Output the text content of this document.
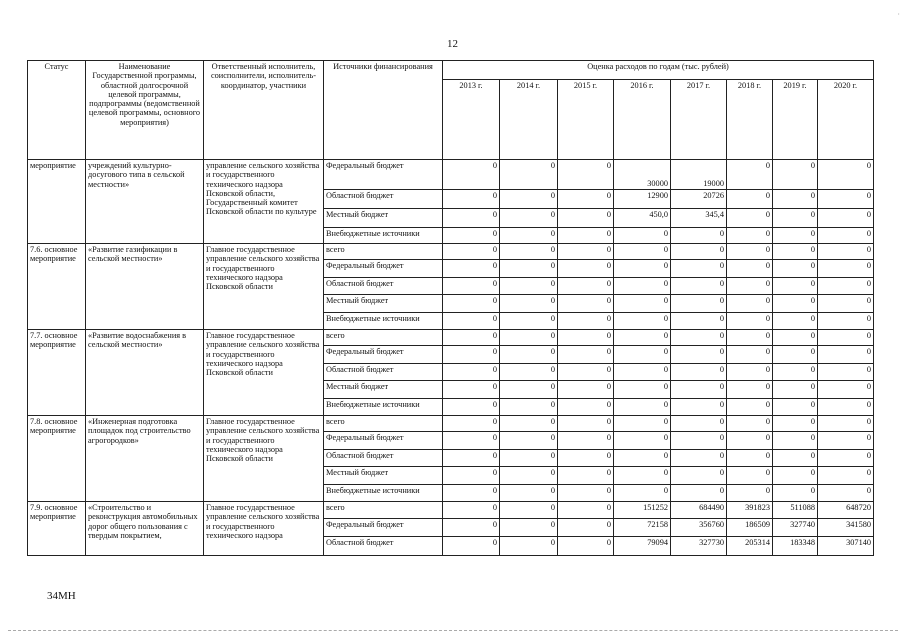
·
12
Статус	Наименование Государственной программы, областной долгосрочной целевой программы, подпрограммы (ведомственной целевой программы, основного мероприятия)	Ответственный исполнитель, соисполнители, исполнитель-координатор, участники	Источники финансирования	Оценка расходов по годам (тыс. рублей)							
				2013 г.	2014 г.	2015 г.	2016 г.	2017 г.	2018 г.	2019 г.	2020 г.
мероприятие	учреждений культурно-досугового типа в сельской местности»	управление сельского хозяйства и государственного технического надзора Псковской области, Государственный комитет Псковской области по культуре	Федеральный бюджет	0	0	0	30000	19000	0	0	0
			Областной бюджет	0	0	0	12900	20726	0	0	0
			Местный бюджет	0	0	0	450,0	345,4	0	0	0
			Внебюджетные источники	0	0	0	0	0	0	0	0
7.6. основное мероприятие	«Развитие газификации в сельской местности»	Главное государственное управление сельского хозяйства и государственного технического надзора Псковской области	всего	0	0	0	0	0	0	0	0
			Федеральный бюджет	0	0	0	0	0	0	0	0
			Областной бюджет	0	0	0	0	0	0	0	0
			Местный бюджет	0	0	0	0	0	0	0	0
			Внебюджетные источники	0	0	0	0	0	0	0	0
7.7. основное мероприятие	«Развитие водоснабжения в сельской местности»	Главное государственное управление сельского хозяйства и государственного технического надзора Псковской области	всего	0	0	0	0	0	0	0	0
			Федеральный бюджет	0	0	0	0	0	0	0	0
			Областной бюджет	0	0	0	0	0	0	0	0
			Местный бюджет	0	0	0	0	0	0	0	0
			Внебюджетные источники	0	0	0	0	0	0	0	0
7.8. основное мероприятие	«Инженерная подготовка площадок под строительство агрогородков»	Главное государственное управление сельского хозяйства и государственного технического надзора Псковской области	всего	0	0	0	0	0	0	0	0
			Федеральный бюджет	0	0	0	0	0	0	0	0
			Областной бюджет	0	0	0	0	0	0	0	0
			Местный бюджет	0	0	0	0	0	0	0	0
			Внебюджетные источники	0	0	0	0	0	0	0	0
7.9. основное мероприятие	«Строительство и реконструкция автомобильных дорог общего пользования с твердым покрытием,	Главное государственное управление сельского хозяйства и государственного технического надзора	всего	0	0	0	151252	684490	391823	511088	648720
			Федеральный бюджет	0	0	0	72158	356760	186509	327740	341580
			Областной бюджет	0	0	0	79094	327730	205314	183348	307140
34MH
